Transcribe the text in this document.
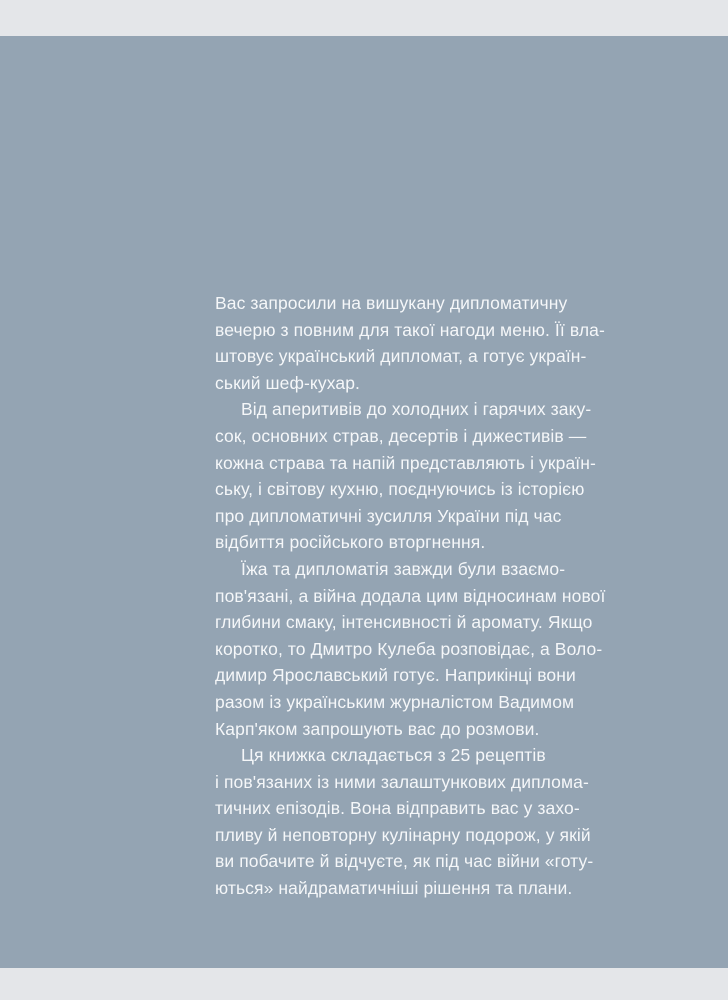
Вас запросили на вишукану дипломатичну
вечерю з повним для такої нагоди меню. Її вла-
штовує український дипломат, а готує україн-
ський шеф-кухар.
Від аперитивів до холодних і гарячих заку-
сок, основних страв, десертів і дижестивів —
кожна страва та напій представляють і україн-
ську, і світову кухню, поєднуючись із історією
про дипломатичні зусилля України під час
відбиття російського вторгнення.
Їжа та дипломатія завжди були взаємо-
пов'язані, а війна додала цим відносинам нової
глибини смаку, інтенсивності й аромату. Якщо
коротко, то Дмитро Кулеба розповідає, а Воло-
димир Ярославський готує. Наприкінці вони
разом із українським журналістом Вадимом
Карп'яком запрошують вас до розмови.
Ця книжка складається з 25 рецептів
і пов'язаних із ними залаштункових диплома-
тичних епізодів. Вона відправить вас у захо-
пливу й неповторну кулінарну подорож, у якій
ви побачите й відчуєте, як під час війни «готу-
ються» найдраматичніші рішення та плани.
